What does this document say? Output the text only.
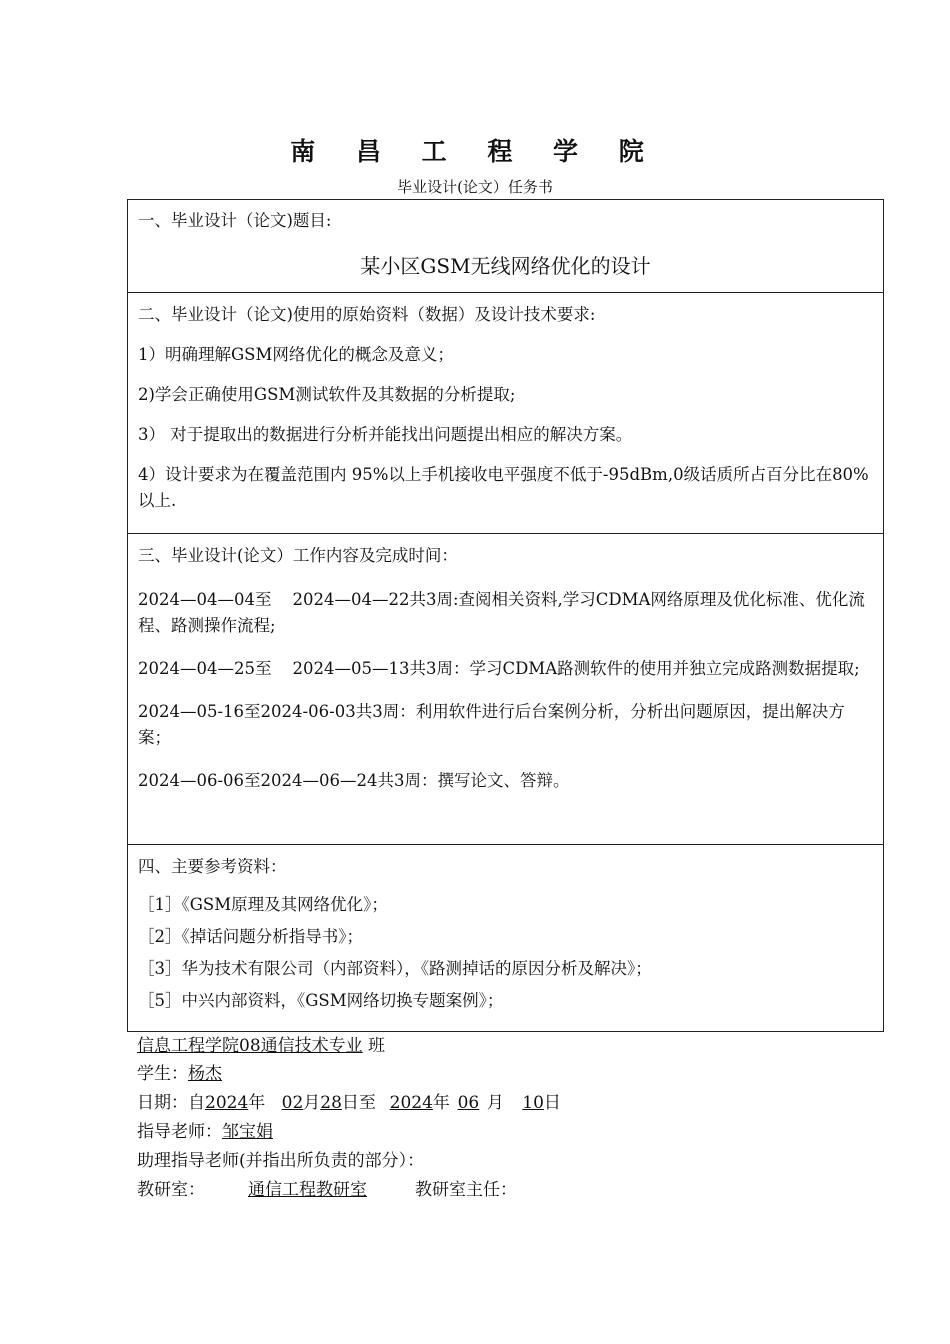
南 昌 工 程 学 院
毕业设计(论文）任务书
一、毕业设计（论文)题目:
某小区GSM无线网络优化的设计

二、毕业设计（论文)使用的原始资料（数据）及设计技术要求:
1）明确理解GSM网络优化的概念及意义；
2)学会正确使用GSM测试软件及其数据的分析提取;
3） 对于提取出的数据进行分析并能找出问题提出相应的解决方案。
4）设计要求为在覆盖范围内 95%以上手机接收电平强度不低于-95dBm,0级话质所占百分比在80%以上.

三、毕业设计(论文）工作内容及完成时间：
2024—04—04至    2024—04—22共3周:查阅相关资料,学习CDMA网络原理及优化标准、优化流程、路测操作流程;
2024—04—25至    2024—05—13共3周：学习CDMA路测软件的使用并独立完成路测数据提取;
2024—05-16至2024-06-03共3周：利用软件进行后台案例分析，分析出问题原因，提出解决方案；
2024—06-06至2024—06—24共3周：撰写论文、答辩。

四、主要参考资料：
［1］《GSM原理及其网络优化》；
［2］《掉话问题分析指导书》；
［3］华为技术有限公司（内部资料），《路测掉话的原因分析及解决》；
［5］中兴内部资料，《GSM网络切换专题案例》；
信息工程学院08通信技术专业 班
学生：杨杰
日期：自2024年 02月28日至 2024年 06 月 10日
指导老师：邹宝娟
助理指导老师(并指出所负责的部分）：
教研室：	通信工程教研室	教研室主任：
